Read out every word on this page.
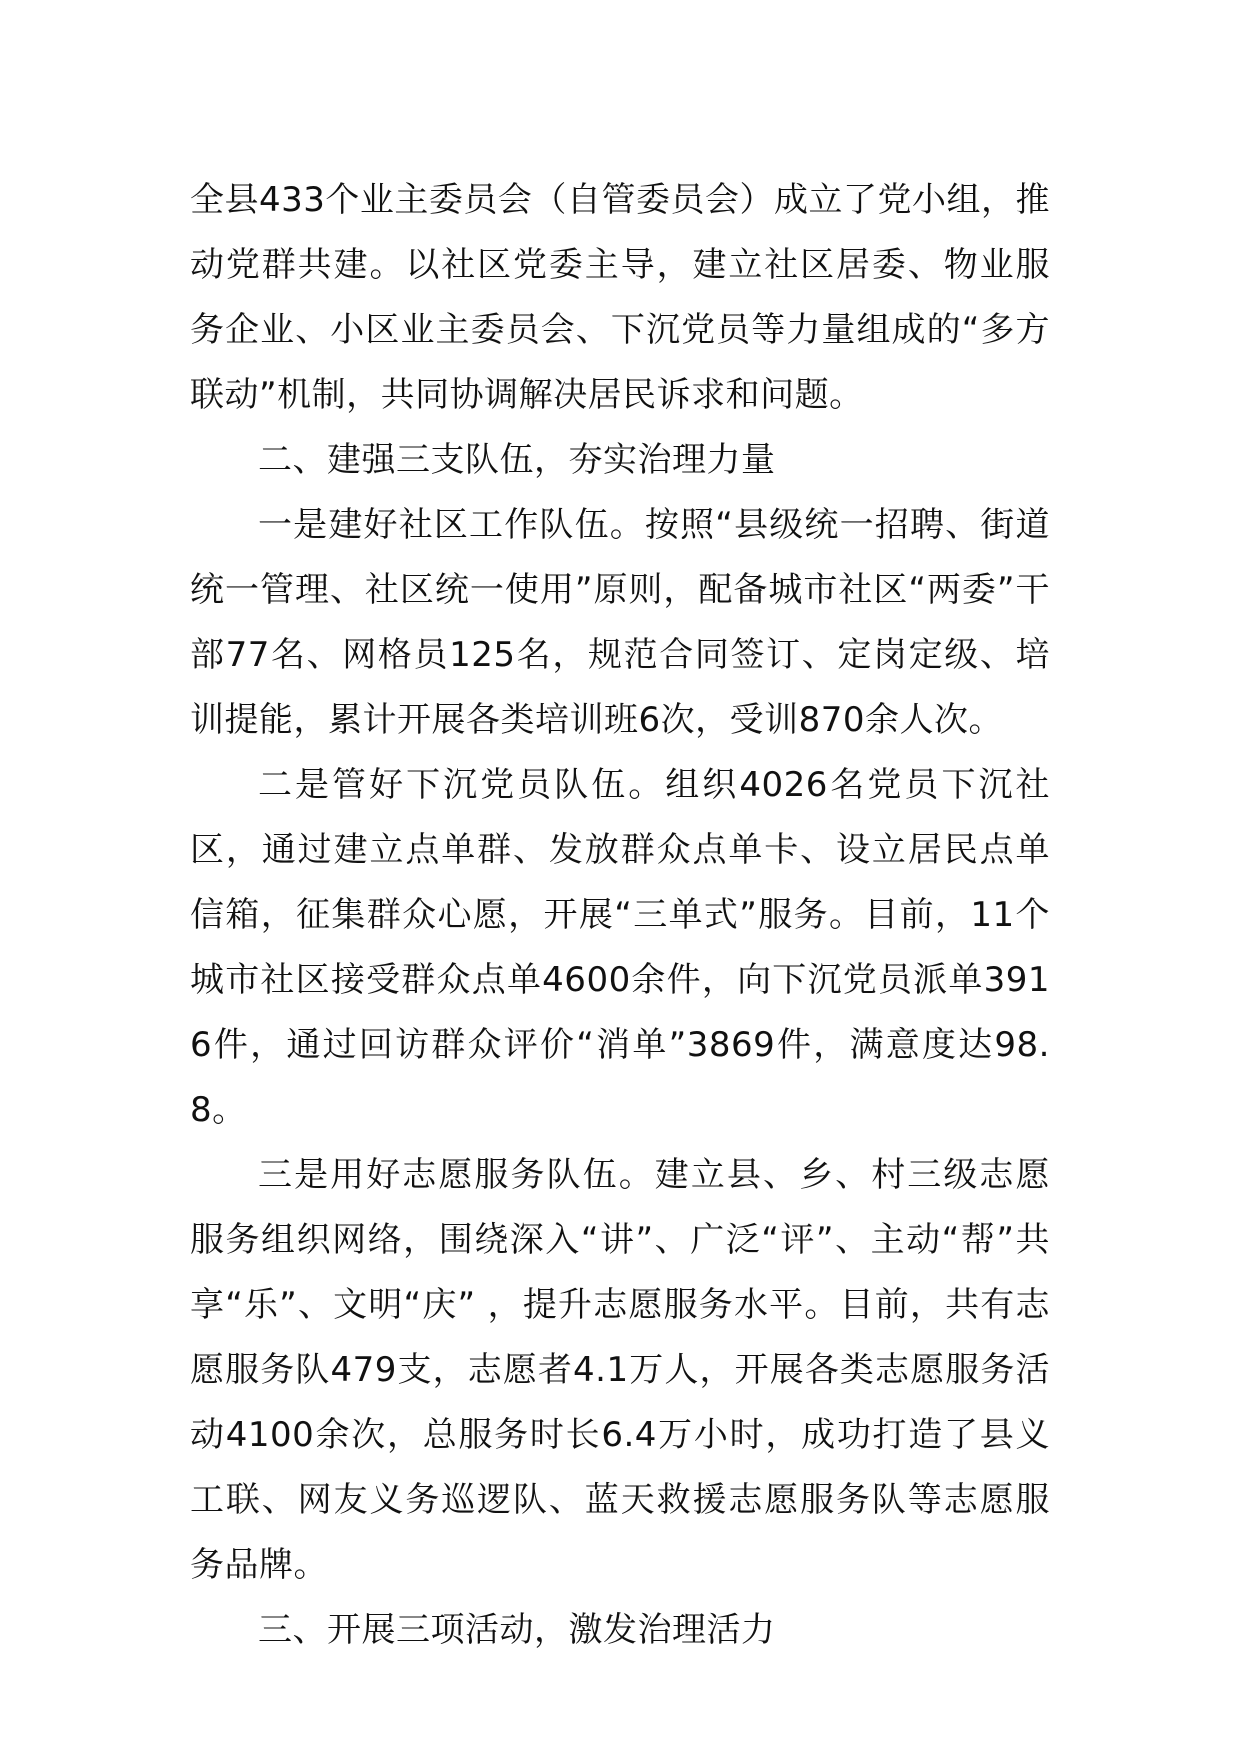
全县433个业主委员会（自管委员会）成立了党小组，推动党群共建。以社区党委主导，建立社区居委、物业服务企业、小区业主委员会、下沉党员等力量组成的“多方联动”机制，共同协调解决居民诉求和问题。

二、建强三支队伍，夯实治理力量

一是建好社区工作队伍。按照“县级统一招聘、街道统一管理、社区统一使用”原则，配备城市社区“两委”干部77名、网格员125名，规范合同签订、定岗定级、培训提能，累计开展各类培训班6次，受训870余人次。

二是管好下沉党员队伍。组织4026名党员下沉社区，通过建立点单群、发放群众点单卡、设立居民点单信箱，征集群众心愿，开展“三单式”服务。目前，11个城市社区接受群众点单4600余件，向下沉党员派单3916件，通过回访群众评价“消单”3869件，满意度达98.8。

三是用好志愿服务队伍。建立县、乡、村三级志愿服务组织网络，围绕深入“讲”、广泛“评”、主动“帮”共享“乐”、文明“庆” ，提升志愿服务水平。目前，共有志愿服务队479支，志愿者4.1万人，开展各类志愿服务活动4100余次，总服务时长6.4万小时，成功打造了县义工联、网友义务巡逻队、蓝天救援志愿服务队等志愿服务品牌。

三、开展三项活动，激发治理活力
